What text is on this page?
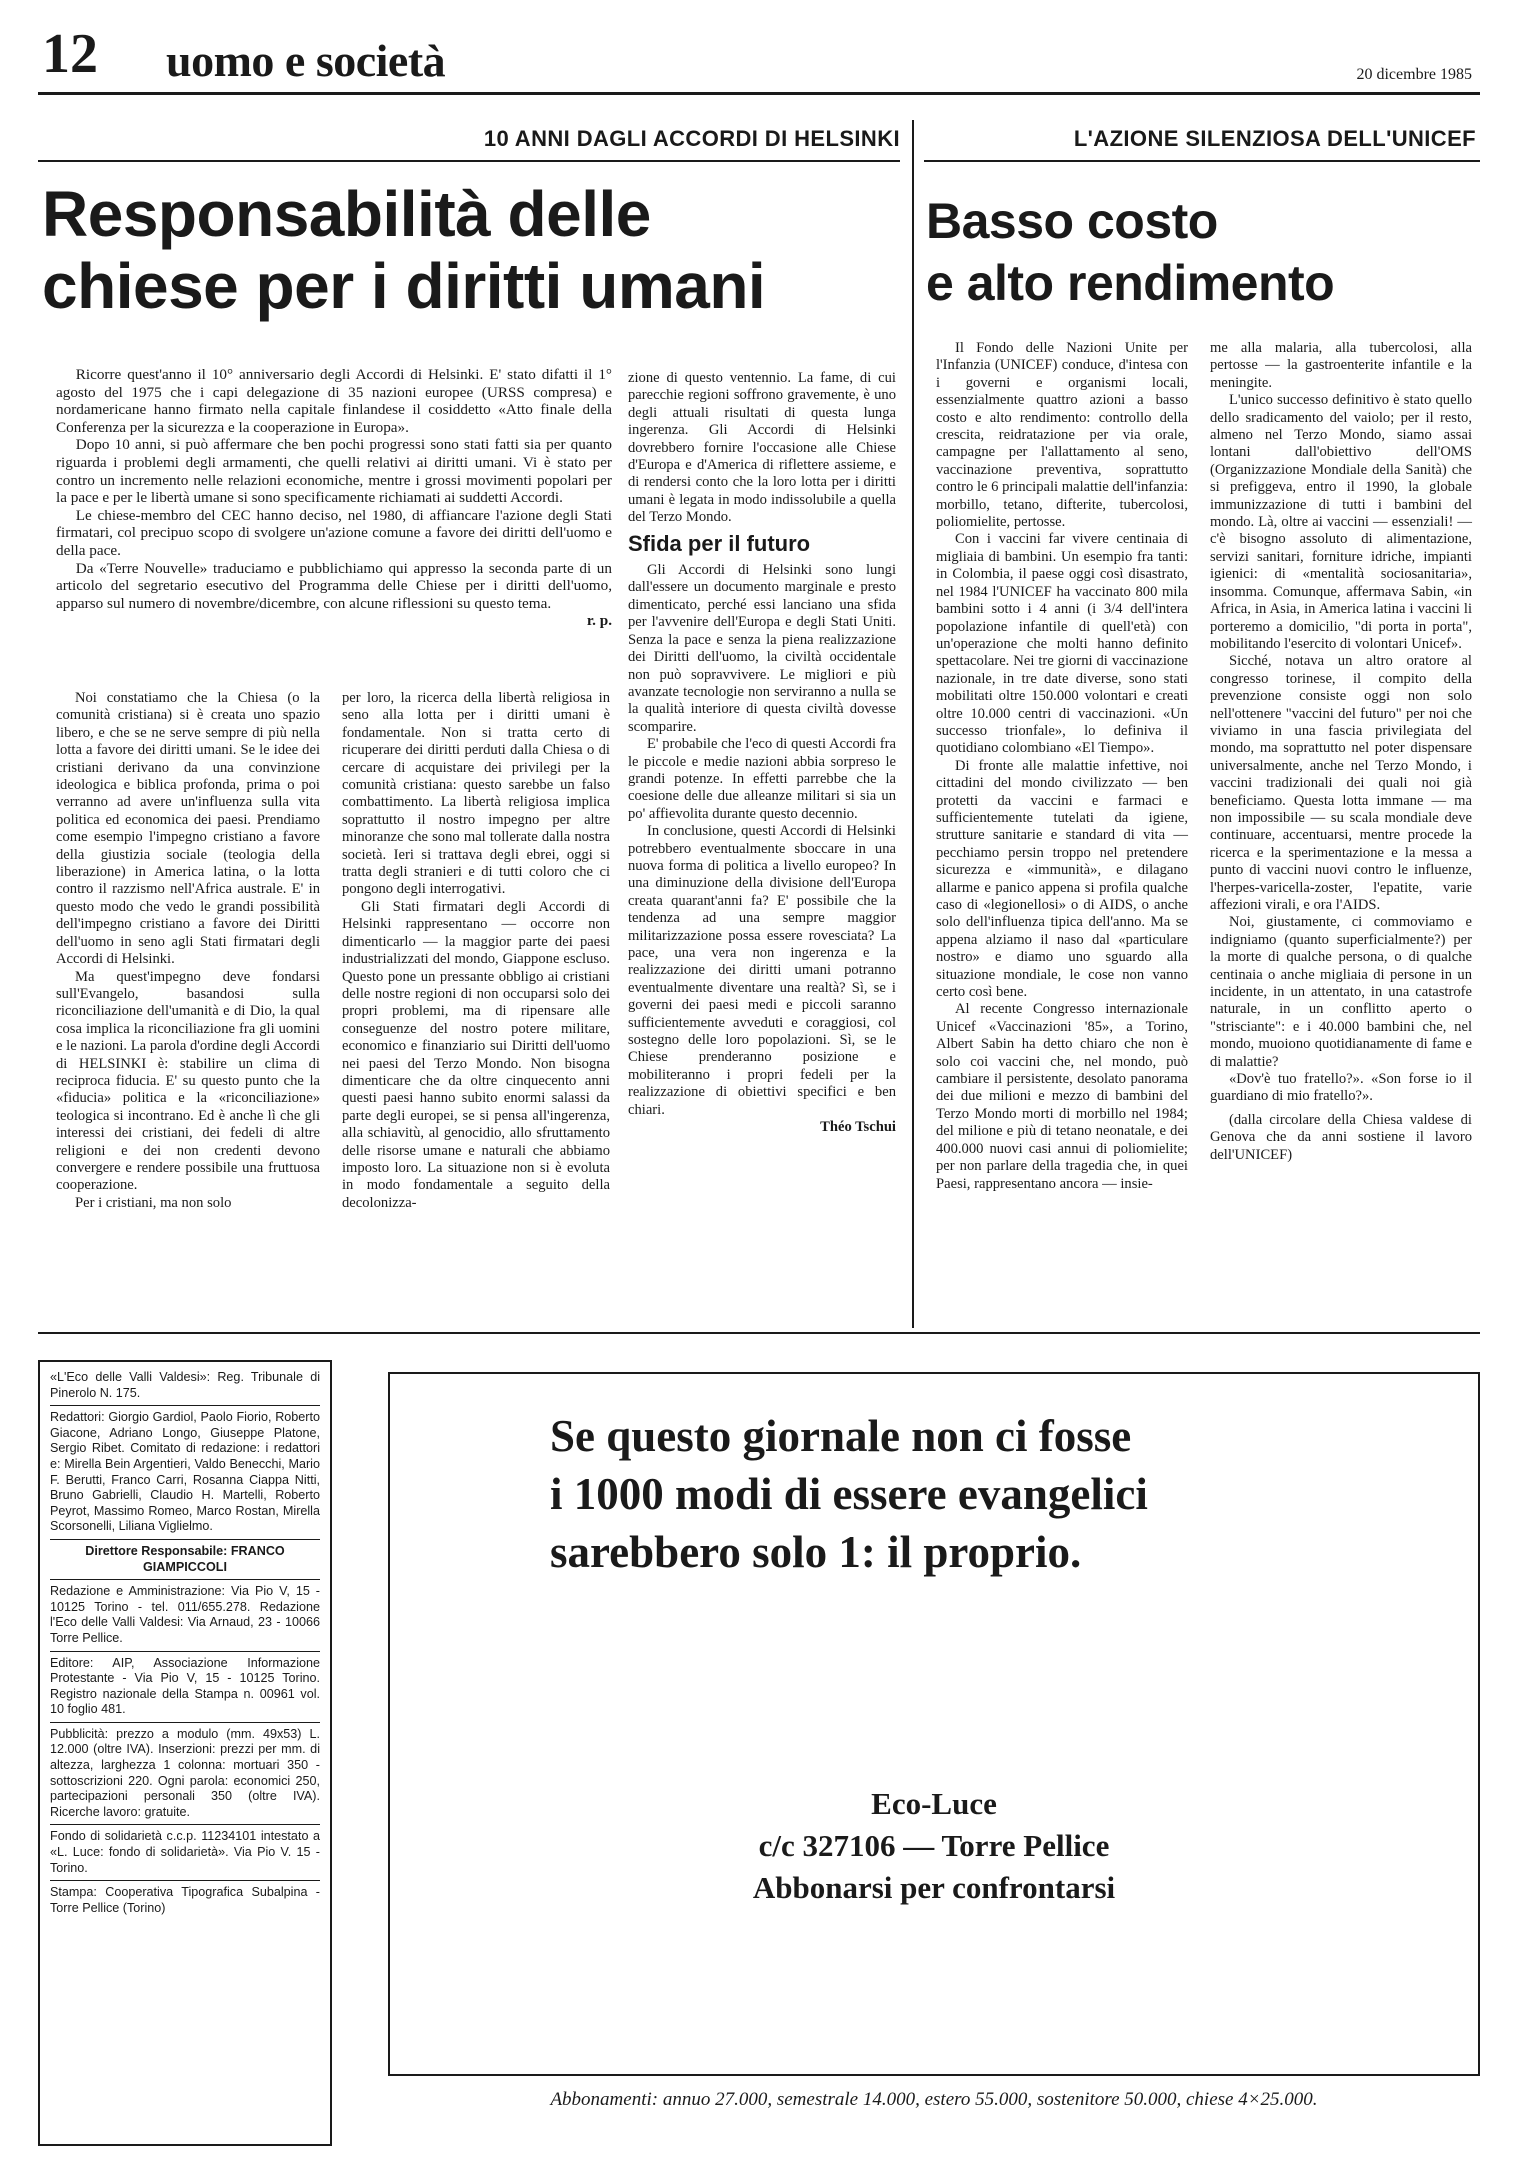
12 uomo e società	20 dicembre 1985
10 ANNI DAGLI ACCORDI DI HELSINKI
Responsabilità delle
chiese per i diritti umani

Ricorre quest'anno il 10° anniversario degli Accordi di Helsinki. E' stato difatti il 1° agosto del 1975 che i capi delegazione di 35 nazioni europee (URSS compresa) e nordamericane hanno firmato nella capitale finlandese il cosiddetto «Atto finale della Conferenza per la sicurezza e la cooperazione in Europa».

Dopo 10 anni, si può affermare che ben pochi progressi sono stati fatti sia per quanto riguarda i problemi degli armamenti, che quelli relativi ai diritti umani. Vi è stato per contro un incremento nelle relazioni economiche, mentre i grossi movimenti popolari per la pace e per le libertà umane si sono specificamente richiamati ai suddetti Accordi.

Le chiese-membro del CEC hanno deciso, nel 1980, di affiancare l'azione degli Stati firmatari, col precipuo scopo di svolgere un'azione comune a favore dei diritti dell'uomo e della pace.

Da «Terre Nouvelle» traduciamo e pubblichiamo qui appresso la seconda parte di un articolo del segretario esecutivo del Programma delle Chiese per i diritti dell'uomo, apparso sul numero di novembre/dicembre, con alcune riflessioni su questo tema.

r. p.

Noi constatiamo che la Chiesa (o la comunità cristiana) si è creata uno spazio libero, e che se ne serve sempre di più nella lotta a favore dei diritti umani. Se le idee dei cristiani derivano da una convinzione ideologica e biblica profonda, prima o poi verranno ad avere un'influenza sulla vita politica ed economica dei paesi. Prendiamo come esempio l'impegno cristiano a favore della giustizia sociale (teologia della liberazione) in America latina, o la lotta contro il razzismo nell'Africa australe. E' in questo modo che vedo le grandi possibilità dell'impegno cristiano a favore dei Diritti dell'uomo in seno agli Stati firmatari degli Accordi di Helsinki.

Ma quest'impegno deve fondarsi sull'Evangelo, basandosi sulla riconciliazione dell'umanità e di Dio, la qual cosa implica la riconciliazione fra gli uomini e le nazioni. La parola d'ordine degli Accordi di HELSINKI è: stabilire un clima di reciproca fiducia. E' su questo punto che la «fiducia» politica e la «riconciliazione» teologica si incontrano. Ed è anche lì che gli interessi dei cristiani, dei fedeli di altre religioni e dei non credenti devono convergere e rendere possibile una fruttuosa cooperazione.

Per i cristiani, ma non solo

per loro, la ricerca della libertà religiosa in seno alla lotta per i diritti umani è fondamentale. Non si tratta certo di ricuperare dei diritti perduti dalla Chiesa o di cercare di acquistare dei privilegi per la comunità cristiana: questo sarebbe un falso combattimento. La libertà religiosa implica soprattutto il nostro impegno per altre minoranze che sono mal tollerate dalla nostra società. Ieri si trattava degli ebrei, oggi si tratta degli stranieri e di tutti coloro che ci pongono degli interrogativi.

Gli Stati firmatari degli Accordi di Helsinki rappresentano — occorre non dimenticarlo — la maggior parte dei paesi industrializzati del mondo, Giappone escluso. Questo pone un pressante obbligo ai cristiani delle nostre regioni di non occuparsi solo dei propri problemi, ma di ripensare alle conseguenze del nostro potere militare, economico e finanziario sui Diritti dell'uomo nei paesi del Terzo Mondo. Non bisogna dimenticare che da oltre cinquecento anni questi paesi hanno subito enormi salassi da parte degli europei, se si pensa all'ingerenza, alla schiavitù, al genocidio, allo sfruttamento delle risorse umane e naturali che abbiamo imposto loro. La situazione non si è evoluta in modo fondamentale a seguito della decolonizza-

zione di questo ventennio. La fame, di cui parecchie regioni soffrono gravemente, è uno degli attuali risultati di questa lunga ingerenza. Gli Accordi di Helsinki dovrebbero fornire l'occasione alle Chiese d'Europa e d'America di riflettere assieme, e di rendersi conto che la loro lotta per i diritti umani è legata in modo indissolubile a quella del Terzo Mondo.

Sfida per il futuro

Gli Accordi di Helsinki sono lungi dall'essere un documento marginale e presto dimenticato, perché essi lanciano una sfida per l'avvenire dell'Europa e degli Stati Uniti. Senza la pace e senza la piena realizzazione dei Diritti dell'uomo, la civiltà occidentale non può sopravvivere. Le migliori e più avanzate tecnologie non serviranno a nulla se la qualità interiore di questa civiltà dovesse scomparire.

E' probabile che l'eco di questi Accordi fra le piccole e medie nazioni abbia sorpreso le grandi potenze. In effetti parrebbe che la coesione delle due alleanze militari si sia un po' affievolita durante questo decennio.

In conclusione, questi Accordi di Helsinki potrebbero eventualmente sboccare in una nuova forma di politica a livello europeo? In una diminuzione della divisione dell'Europa creata quarant'anni fa? E' possibile che la tendenza ad una sempre maggior militarizzazione possa essere rovesciata? La pace, una vera non ingerenza e la realizzazione dei diritti umani potranno eventualmente diventare una realtà? Sì, se i governi dei paesi medi e piccoli saranno sufficientemente avveduti e coraggiosi, col sostegno delle loro popolazioni. Sì, se le Chiese prenderanno posizione e mobiliteranno i propri fedeli per la realizzazione di obiettivi specifici e ben chiari.

Théo Tschui
L'AZIONE SILENZIOSA DELL'UNICEF
Basso costo
e alto rendimento

Il Fondo delle Nazioni Unite per l'Infanzia (UNICEF) conduce, d'intesa con i governi e organismi locali, essenzialmente quattro azioni a basso costo e alto rendimento: controllo della crescita, reidratazione per via orale, campagne per l'allattamento al seno, vaccinazione preventiva, soprattutto contro le 6 principali malattie dell'infanzia: morbillo, tetano, difterite, tubercolosi, poliomielite, pertosse.

Con i vaccini far vivere centinaia di migliaia di bambini. Un esempio fra tanti: in Colombia, il paese oggi così disastrato, nel 1984 l'UNICEF ha vaccinato 800 mila bambini sotto i 4 anni (i 3/4 dell'intera popolazione infantile di quell'età) con un'operazione che molti hanno definito spettacolare. Nei tre giorni di vaccinazione nazionale, in tre date diverse, sono stati mobilitati oltre 150.000 volontari e creati oltre 10.000 centri di vaccinazioni. «Un successo trionfale», lo definiva il quotidiano colombiano «El Tiempo».

Di fronte alle malattie infettive, noi cittadini del mondo civilizzato — ben protetti da vaccini e farmaci e sufficientemente tutelati da igiene, strutture sanitarie e standard di vita — pecchiamo persin troppo nel pretendere sicurezza e «immunità», e dilagano allarme e panico appena si profila qualche caso di «legionellosi» o di AIDS, o anche solo dell'influenza tipica dell'anno. Ma se appena alziamo il naso dal «particulare nostro» e diamo uno sguardo alla situazione mondiale, le cose non vanno certo così bene.

Al recente Congresso internazionale Unicef «Vaccinazioni '85», a Torino, Albert Sabin ha detto chiaro che non è solo coi vaccini che, nel mondo, può cambiare il persistente, desolato panorama dei due milioni e mezzo di bambini del Terzo Mondo morti di morbillo nel 1984; del milione e più di tetano neonatale, e dei 400.000 nuovi casi annui di poliomielite; per non parlare della tragedia che, in quei Paesi, rappresentano ancora — insie-

me alla malaria, alla tubercolosi, alla pertosse — la gastroenterite infantile e la meningite.

L'unico successo definitivo è stato quello dello sradicamento del vaiolo; per il resto, almeno nel Terzo Mondo, siamo assai lontani dall'obiettivo dell'OMS (Organizzazione Mondiale della Sanità) che si prefiggeva, entro il 1990, la globale immunizzazione di tutti i bambini del mondo. Là, oltre ai vaccini — essenziali! — c'è bisogno assoluto di alimentazione, servizi sanitari, forniture idriche, impianti igienici: di «mentalità sociosanitaria», insomma. Comunque, affermava Sabin, «in Africa, in Asia, in America latina i vaccini li porteremo a domicilio, "di porta in porta", mobilitando l'esercito di volontari Unicef».

Sicché, notava un altro oratore al congresso torinese, il compito della prevenzione consiste oggi non solo nell'ottenere "vaccini del futuro" per noi che viviamo in una fascia privilegiata del mondo, ma soprattutto nel poter dispensare universalmente, anche nel Terzo Mondo, i vaccini tradizionali dei quali noi già beneficiamo. Questa lotta immane — ma non impossibile — su scala mondiale deve continuare, accentuarsi, mentre procede la ricerca e la sperimentazione e la messa a punto di vaccini nuovi contro le influenze, l'herpes-varicella-zoster, l'epatite, varie affezioni virali, e ora l'AIDS.

Noi, giustamente, ci commoviamo e indigniamo (quanto superficialmente?) per la morte di qualche persona, o di qualche centinaia o anche migliaia di persone in un incidente, in un attentato, in una catastrofe naturale, in un conflitto aperto o "strisciante": e i 40.000 bambini che, nel mondo, muoiono quotidianamente di fame e di malattie?

«Dov'è tuo fratello?». «Son forse io il guardiano di mio fratello?».

(dalla circolare della Chiesa valdese di Genova che da anni sostiene il lavoro dell'UNICEF)

«L'Eco delle Valli Valdesi»: Reg. Tribunale di Pinerolo N. 175.
Redattori: Giorgio Gardiol, Paolo Fiorio, Roberto Giacone, Adriano Longo, Giuseppe Platone, Sergio Ribet. Comitato di redazione: i redattori e: Mirella Bein Argentieri, Valdo Benecchi, Mario F. Berutti, Franco Carri, Rosanna Ciappa Nitti, Bruno Gabrielli, Claudio H. Martelli, Roberto Peyrot, Massimo Romeo, Marco Rostan, Mirella Scorsonelli, Liliana Viglielmo.
Direttore Responsabile: FRANCO GIAMPICCOLI
Redazione e Amministrazione: Via Pio V, 15 - 10125 Torino - tel. 011/655.278. Redazione l'Eco delle Valli Valdesi: Via Arnaud, 23 - 10066 Torre Pellice.
Editore: AIP, Associazione Informazione Protestante - Via Pio V, 15 - 10125 Torino. Registro nazionale della Stampa n. 00961 vol. 10 foglio 481.
Pubblicità: prezzo a modulo (mm. 49x53) L. 12.000 (oltre IVA). Inserzioni: prezzi per mm. di altezza, larghezza 1 colonna: mortuari 350 - sottoscrizioni 220. Ogni parola: economici 250, partecipazioni personali 350 (oltre IVA). Ricerche lavoro: gratuite.
Fondo di solidarietà c.c.p. 11234101 intestato a «L. Luce: fondo di solidarietà». Via Pio V. 15 - Torino.
Stampa: Cooperativa Tipografica Subalpina - Torre Pellice (Torino)
Se questo giornale non ci fosse
i 1000 modi di essere evangelici
sarebbero solo 1: il proprio.
Eco-Luce
c/c 327106 — Torre Pellice
Abbonarsi per confrontarsi
Abbonamenti: annuo 27.000, semestrale 14.000, estero 55.000, sostenitore 50.000, chiese 4×25.000.
